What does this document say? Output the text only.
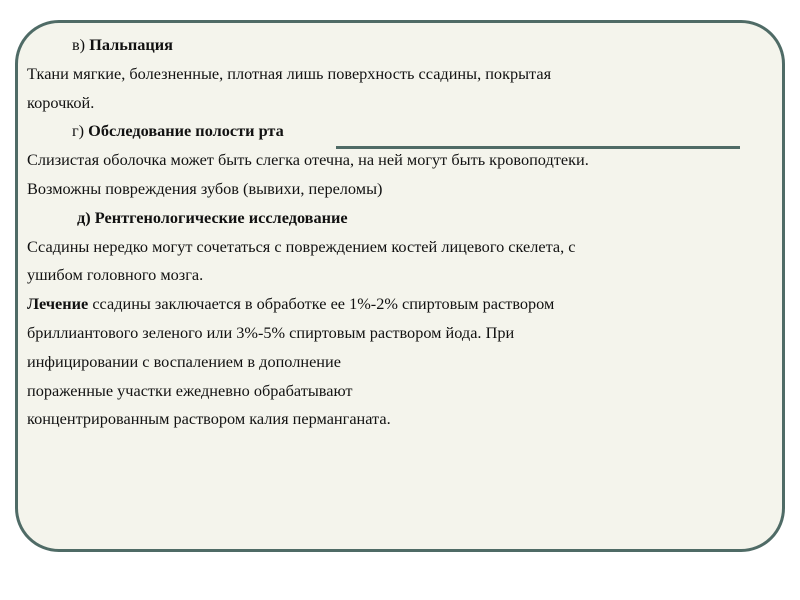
в) Пальпация
Ткани мягкие, болезненные, плотная лишь поверхность ссадины, покрытая
корочкой.
г) Обследование полости рта
Слизистая оболочка может быть слегка отечна, на ней могут быть кровоподтеки.
Возможны повреждения зубов (вывихи, переломы)
д) Рентгенологические исследование
Ссадины нередко могут сочетаться с повреждением костей лицевого скелета, с
ушибом головного мозга.
Лечение ссадины заключается в обработке ее 1%-2% спиртовым раствором
бриллиантового зеленого или 3%-5% спиртовым раствором йода. При
инфицировании с воспалением в дополнение
пораженные участки ежедневно обрабатывают
концентрированным раствором калия перманганата.
